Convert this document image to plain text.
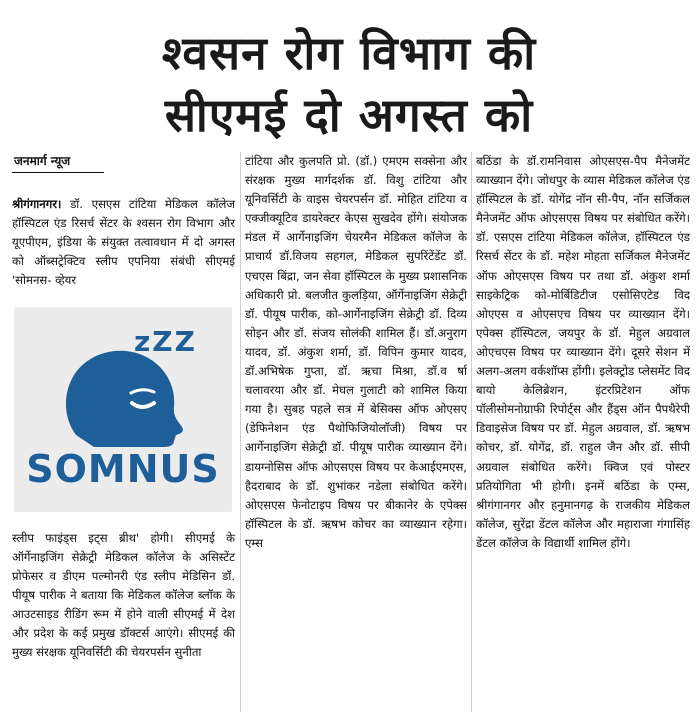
श्वसन रोग विभाग की
सीएमई दो अगस्त को
जनमार्ग न्यूज

श्रीगंगानगर। डॉ. एसएस टांटिया मेडिकल कॉलेज हॉस्पिटल एंड रिसर्च सेंटर के श्वसन रोग विभाग और यूएपीएम, इंडिया के संयुक्त तत्वावधान में दो अगस्त को ऑब्सट्रेक्टिव स्लीप एपनिया संबंधी सीएमई 'सोमनस- व्हेयर

zZZ
SOMNUS

स्लीप फाइंड्स इट्स ब्रीथ' होगी। सीएमई के ऑर्गेनाइजिंग सेक्रेट्री मेडिकल कॉलेज के असिस्टेंट प्रोफेसर व डीएम पल्मोनरी एंड स्लीप मेडिसिन डॉ. पीयूष पारीक ने बताया कि मेडिकल कॉलेज ब्लॉक के आउटसाइड रीडिंग रूम में होने वाली सीएमई में देश और प्रदेश के कई प्रमुख डॉक्टर्स आएंगे। सीएमई की मुख्य संरक्षक यूनिवर्सिटी की चेयरपर्सन सुनीता

टांटिया और कुलपति प्रो. (डॉ.) एमएम सक्सेना और संरक्षक मुख्य मार्गदर्शक डॉ. विशु टांटिया और यूनिवर्सिटी के वाइस चेयरपर्सन डॉ. मोहित टांटिया व एक्जीक्यूटिव डायरेक्टर केएस सुखदेव होंगे। संयोजक मंडल में आर्गेनाइजिंग चेयरमैन मेडिकल कॉलेज के प्राचार्य डॉ.विजय सहगल, मेडिकल सुपरिंटेंडेंट डॉ. एचएस बिंद्रा, जन सेवा हॉस्पिटल के मुख्य प्रशासनिक अधिकारी प्रो. बलजीत कुलड़िया, ऑर्गेनाइजिंग सेक्रेट्री डॉ. पीयूष पारीक, को-आर्गेनाइजिंग सेक्रेट्री डॉ. दिव्य सोइन और डॉ. संजय सोलंकी शामिल हैं। डॉ.अनुराग यादव, डॉ. अंकुश शर्मा, डॉ. विपिन कुमार यादव, डॉ.अभिषेक गुप्ता, डॉ. ऋचा मिश्रा, डॉ.व र्षा चलावरया और डॉ. मेघल गुलाटी को शामिल किया गया है। सुबह पहले सत्र में बेसिक्स ऑफ ओएसए (डेफिनेशन एंड पैथोफिजियोलॉजी) विषय पर आर्गेनाइजिंग सेक्रेट्री डॉ. पीयूष पारीक व्याख्यान देंगे। डायग्नोसिस ऑफ ओएसएस विषय पर केआईएमएस, हैदराबाद के डॉ. शुभांकर नडेला संबोधित करेंगे। ओएसएस फेनोटाइप विषय पर बीकानेर के एपेक्स हॉस्पिटल के डॉ. ऋषभ कोचर का व्याख्यान रहेगा। एम्स

बठिंडा के डॉ.रामनिवास ओएसएस-पैप मैनेजमेंट व्याख्यान देंगे। जोधपुर के व्यास मेडिकल कॉलेज एंड हॉस्पिटल के डॉ. योगेंद्र नॉन सी-पैप, नॉन सर्जिकल मैनेजमेंट ऑफ ओएसएस विषय पर संबोधित करेंगे। डॉ. एसएस टांटिया मेडिकल कॉलेज, हॉस्पिटल एंड रिसर्च सेंटर के डॉ. महेश मोहता सर्जिकल मैनेजमेंट ऑफ ओएसएस विषय पर तथा डॉ. अंकुश शर्मा साइकेट्रिक को-मोर्बिडिटीज एसोसिएटेड विद ओएएस व ओएसएच विषय पर व्याख्यान देंगे। एपेक्स हॉस्पिटल, जयपुर के डॉ. मेहुल अग्रवाल ओएचएस विषय पर व्याख्यान देंगे। दूसरे सेशन में अलग-अलग वर्कशॉप्स होंगी। इलेक्ट्रोड प्लेसमेंट विद बायो केलिब्रेशन, इंटरप्रिटेशन ऑफ पॉलीसोमनोग्राफी रिपोर्ट्स और हैंड्स ऑन पैपथैरेपी डिवाइसेज विषय पर डॉ. मेहुल अग्रवाल, डॉ. ऋषभ कोचर, डॉ. योगेंद्र, डॉ. राहुल जैन और डॉ. सीपी अग्रवाल संबोधित करेंगे। क्विज एवं पोस्टर प्रतियोगिता भी होगी। इनमें बठिंडा के एम्स, श्रीगंगानगर और हनुमानगढ़ के राजकीय मेडिकल कॉलेज, सुरेंद्रा डेंटल कॉलेज और महाराजा गंगासिंह डेंटल कॉलेज के विद्यार्थी शामिल होंगे।
